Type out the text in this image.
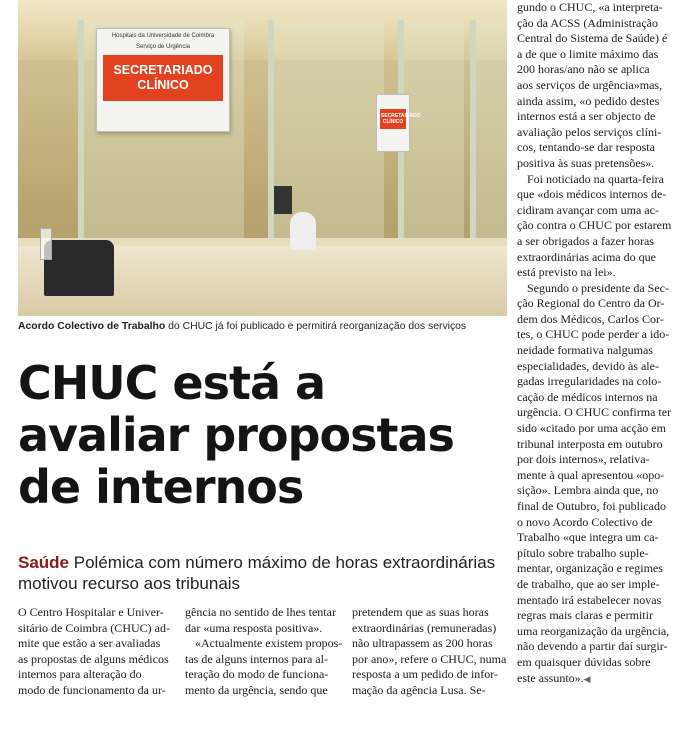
Hospitais da Universidade de Coimbra
Serviço de Urgência
SECRETARIADO CLÍNICO
SECRETARIADO CLÍNICO
Acordo Colectivo de Trabalho do CHUC já foi publicado e permitirá reorganização dos serviços
CHUC está a
avaliar propostas
de internos
Saúde Polémica com número máximo de horas extraordinárias motivou recurso aos tribunais
O Centro Hospitalar e Univer-
sitário de Coimbra (CHUC) ad-
mite que estão a ser avaliadas
as propostas de alguns médicos
internos para alteração do
modo de funcionamento da ur-
gência no sentido de lhes tentar
dar «uma resposta positiva».
«Actualmente existem propos-
tas de alguns internos para al-
teração do modo de funciona-
mento da urgência, sendo que
pretendem que as suas horas
extraordinárias (remuneradas)
não ultrapassem as 200 horas
por ano», refere o CHUC, numa
resposta a um pedido de infor-
mação da agência Lusa. Se-
gundo o CHUC, «a interpreta-
ção da ACSS (Administração
Central do Sistema de Saúde) é
a de que o limite máximo das
200 horas/ano não se aplica
aos serviços de urgência»mas,
ainda assim, «o pedido destes
internos está a ser objecto de
avaliação pelos serviços clíni-
cos, tentando-se dar resposta
positiva às suas pretensões».
Foi noticiado na quarta-feira
que «dois médicos internos de-
cidiram avançar com uma ac-
ção contra o CHUC por estarem
a ser obrigados a fazer horas
extraordinárias acima do que
está previsto na lei».
Segundo o presidente da Sec-
ção Regional do Centro da Or-
dem dos Médicos, Carlos Cor-
tes, o CHUC pode perder a ido-
neidade formativa nalgumas
especialidades, devido às ale-
gadas irregularidades na colo-
cação de médicos internos na
urgência. O CHUC confirma ter
sido «citado por uma acção em
tribunal interposta em outubro
por dois internos», relativa-
mente à qual apresentou «opo-
sição». Lembra ainda que, no
final de Outubro, foi publicado
o novo Acordo Colectivo de
Trabalho «que integra um ca-
pítulo sobre trabalho suple-
mentar, organização e regimes
de trabalho, que ao ser imple-
mentado irá estabelecer novas
regras mais claras e permitir
uma reorganização da urgência,
não devendo a partir daí surgir-
em quaisquer dúvidas sobre
este assunto».◀
